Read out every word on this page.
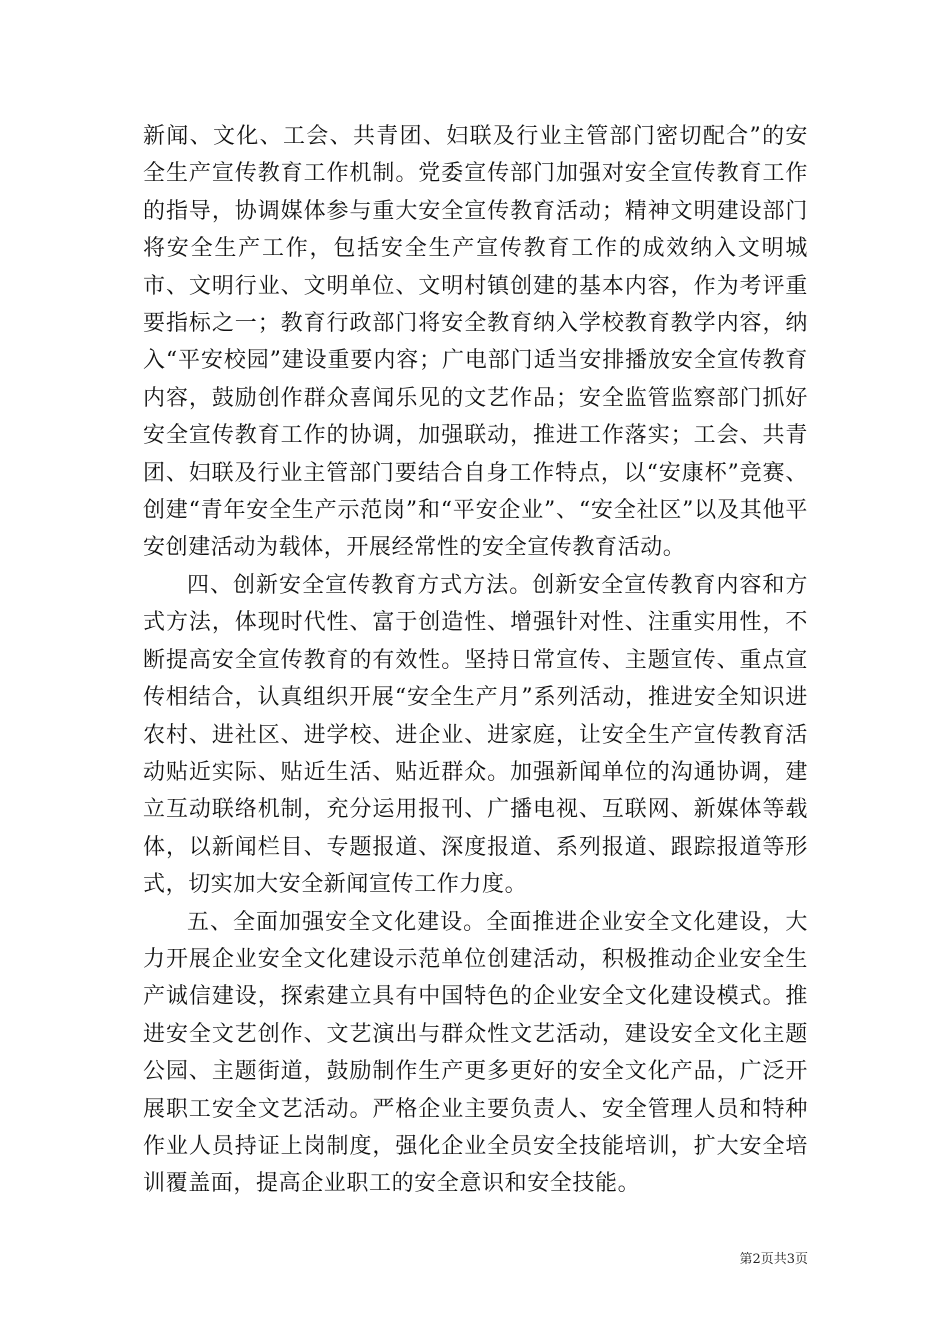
新闻、文化、工会、共青团、妇联及行业主管部门密切配合”的安全生产宣传教育工作机制。党委宣传部门加强对安全宣传教育工作的指导，协调媒体参与重大安全宣传教育活动；精神文明建设部门将安全生产工作，包括安全生产宣传教育工作的成效纳入文明城市、文明行业、文明单位、文明村镇创建的基本内容，作为考评重要指标之一；教育行政部门将安全教育纳入学校教育教学内容，纳入“平安校园”建设重要内容；广电部门适当安排播放安全宣传教育内容，鼓励创作群众喜闻乐见的文艺作品；安全监管监察部门抓好安全宣传教育工作的协调，加强联动，推进工作落实；工会、共青团、妇联及行业主管部门要结合自身工作特点，以“安康杯”竞赛、创建“青年安全生产示范岗”和“平安企业”、“安全社区”以及其他平安创建活动为载体，开展经常性的安全宣传教育活动。

四、创新安全宣传教育方式方法。创新安全宣传教育内容和方式方法，体现时代性、富于创造性、增强针对性、注重实用性，不断提高安全宣传教育的有效性。坚持日常宣传、主题宣传、重点宣传相结合，认真组织开展“安全生产月”系列活动，推进安全知识进农村、进社区、进学校、进企业、进家庭，让安全生产宣传教育活动贴近实际、贴近生活、贴近群众。加强新闻单位的沟通协调，建立互动联络机制，充分运用报刊、广播电视、互联网、新媒体等载体，以新闻栏目、专题报道、深度报道、系列报道、跟踪报道等形式，切实加大安全新闻宣传工作力度。

五、全面加强安全文化建设。全面推进企业安全文化建设，大力开展企业安全文化建设示范单位创建活动，积极推动企业安全生产诚信建设，探索建立具有中国特色的企业安全文化建设模式。推进安全文艺创作、文艺演出与群众性文艺活动，建设安全文化主题公园、主题街道，鼓励制作生产更多更好的安全文化产品，广泛开展职工安全文艺活动。严格企业主要负责人、安全管理人员和特种作业人员持证上岗制度，强化企业全员安全技能培训，扩大安全培训覆盖面，提高企业职工的安全意识和安全技能。

第2页共3页
